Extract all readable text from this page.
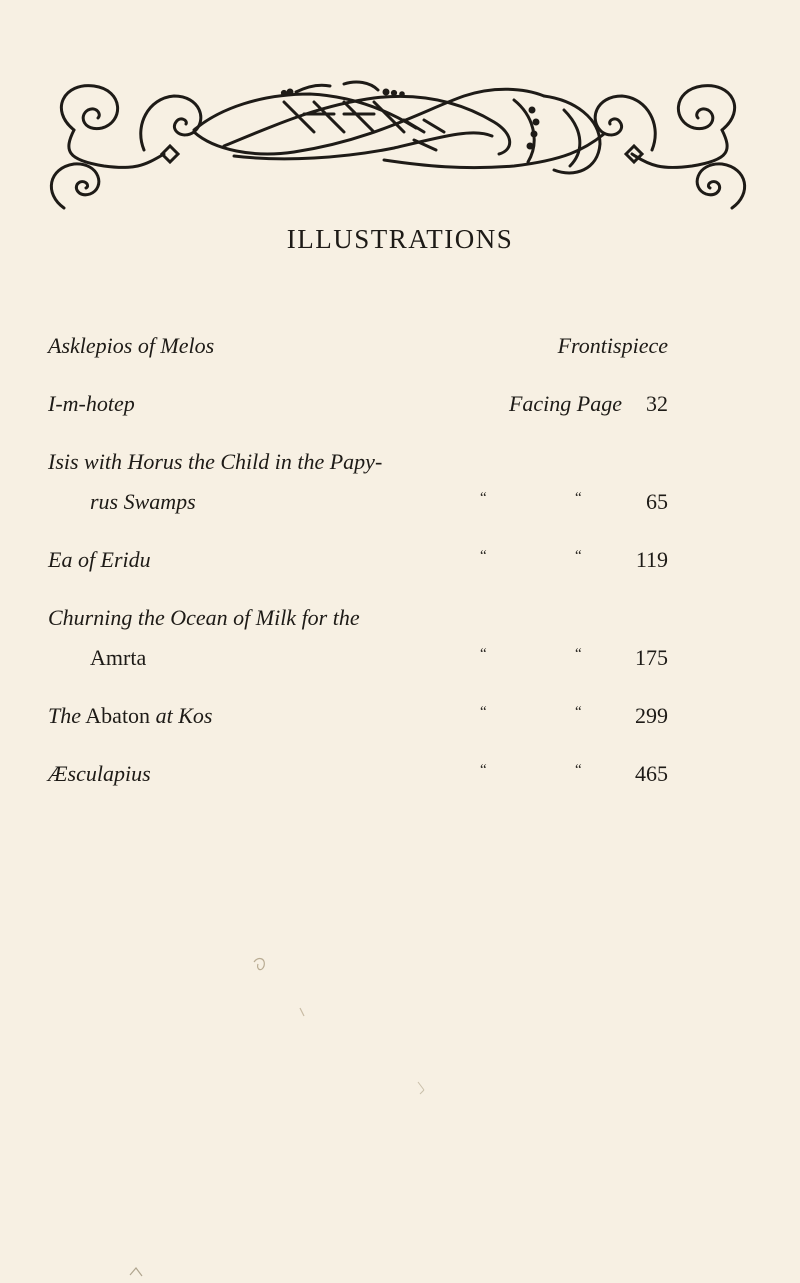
ILLUSTRATIONS
Asklepios of Melos	Frontispiece
I-m-hotep	Facing Page 32
Isis with Horus the Child in the Papy-
rus Swamps	“	“	65
Ea of Eridu	“	“ 119
Churning the Ocean of Milk for the
Amrta	“	“ 175
The Abaton at Kos	“	“ 299
Æsculapius	“	“ 465
